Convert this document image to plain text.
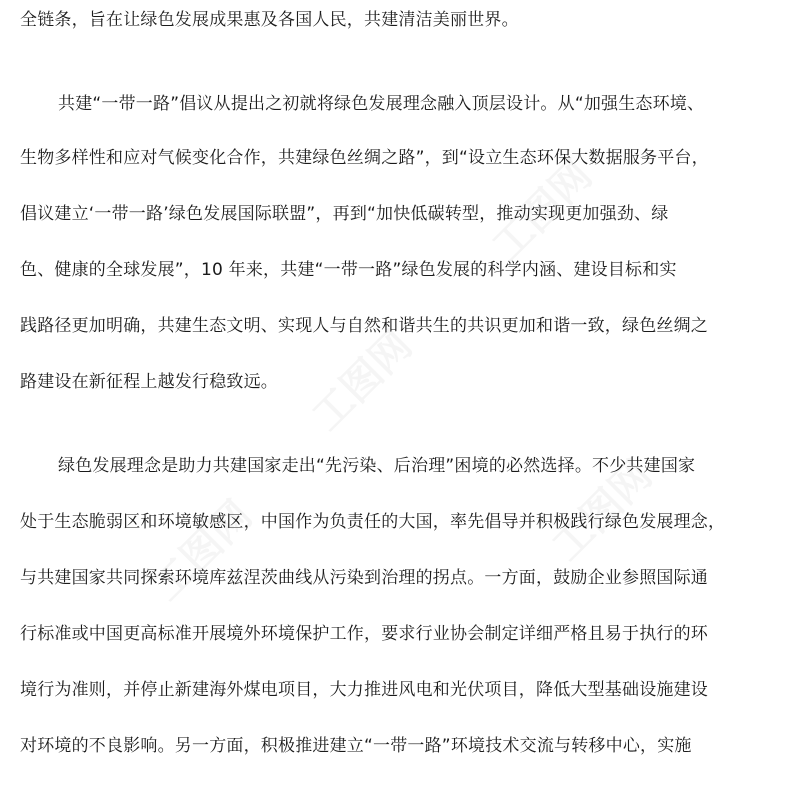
工图网
工图网
工图网
工图网
全链条，旨在让绿色发展成果惠及各国人民，共建清洁美丽世界。
共建“一带一路”倡议从提出之初就将绿色发展理念融入顶层设计。从“加强生态环境、
生物多样性和应对气候变化合作，共建绿色丝绸之路”，到“设立生态环保大数据服务平台，
倡议建立‘一带一路’绿色发展国际联盟”，再到“加快低碳转型，推动实现更加强劲、绿
色、健康的全球发展”，10 年来，共建“一带一路”绿色发展的科学内涵、建设目标和实
践路径更加明确，共建生态文明、实现人与自然和谐共生的共识更加和谐一致，绿色丝绸之
路建设在新征程上越发行稳致远。
绿色发展理念是助力共建国家走出“先污染、后治理”困境的必然选择。不少共建国家
处于生态脆弱区和环境敏感区，中国作为负责任的大国，率先倡导并积极践行绿色发展理念，
与共建国家共同探索环境库兹涅茨曲线从污染到治理的拐点。一方面，鼓励企业参照国际通
行标准或中国更高标准开展境外环境保护工作，要求行业协会制定详细严格且易于执行的环
境行为准则，并停止新建海外煤电项目，大力推进风电和光伏项目，降低大型基础设施建设
对环境的不良影响。另一方面，积极推进建立“一带一路”环境技术交流与转移中心，实施
